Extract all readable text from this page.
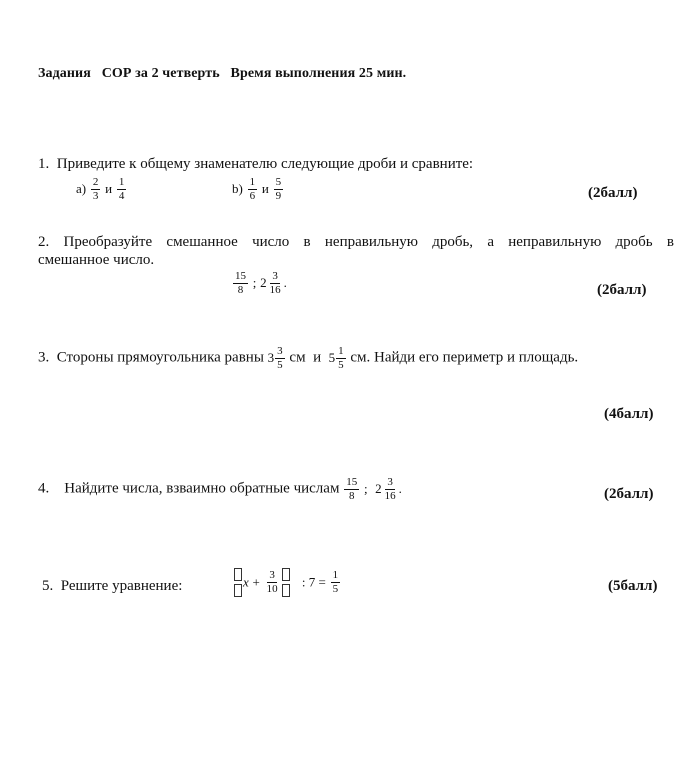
Задания СОР за 2 четверть Время выполнения 25 мин.
1. Приведите к общему знаменателю следующие дроби и сравните:
$a) \frac{2}{3}$ и $\frac{1}{4}$	$b) \frac{1}{6}$ и $\frac{5}{9}$	(2балл)
2. Преобразуйте смешанное число в неправильную дробь, а неправильную дробь в
смешанное число.
$\frac{15}{8}$ ; $2 \frac{3}{16}$ .	(2балл)
3. Стороны прямоугольника равны $3 \frac{3}{5}$ см и $5 \frac{1}{5}$ см. Найди его периметр и площадь.
(4балл)
4. Найдите числа, взваимно обратные числам $\frac{15}{8}$ ; $2 \frac{3}{16}$ .	(2балл)
5. Решите уравнение:	$x + \frac{3}{10}$ : $7 = \frac{1}{5}$	(5балл)
